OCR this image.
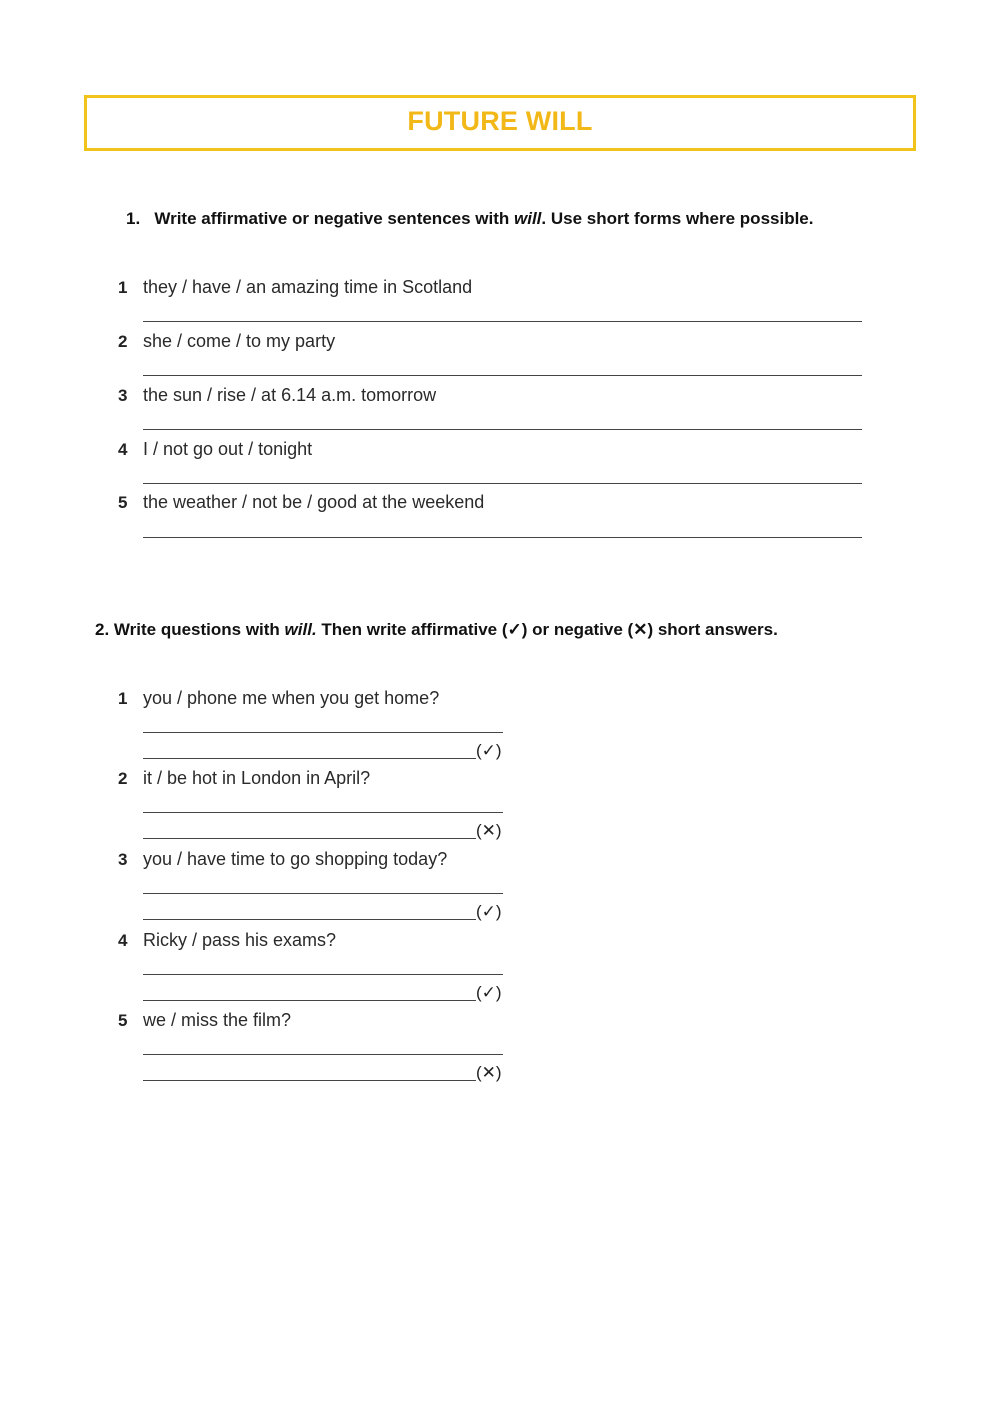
FUTURE WILL
1. Write affirmative or negative sentences with will. Use short forms where possible.
1 they / have / an amazing time in Scotland
2 she / come / to my party
3 the sun / rise / at 6.14 a.m. tomorrow
4 I / not go out / tonight
5 the weather / not be / good at the weekend
2. Write questions with will. Then write affirmative (✓) or negative (✕) short answers.
1 you / phone me when you get home?
(✓)
2 it / be hot in London in April?
(✕)
3 you / have time to go shopping today?
(✓)
4 Ricky / pass his exams?
(✓)
5 we / miss the film?
(✕)
